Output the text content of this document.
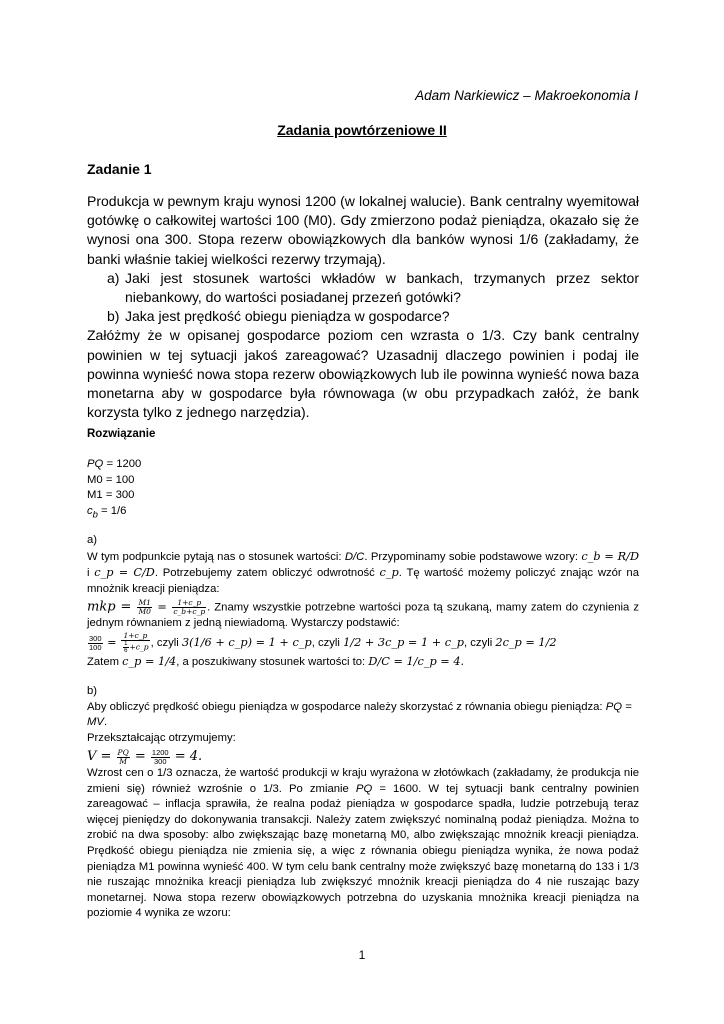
Adam Narkiewicz – Makroekonomia I
Zadania powtórzeniowe II
Zadanie 1

Produkcja w pewnym kraju wynosi 1200 (w lokalnej walucie). Bank centralny wyemitował gotówkę o całkowitej wartości 100 (M0). Gdy zmierzono podaż pieniądza, okazało się że wynosi ona 300. Stopa rezerw obowiązkowych dla banków wynosi 1/6 (zakładamy, że banki właśnie takiej wielkości rezerwy trzymają).

a) Jaki jest stosunek wartości wkładów w bankach, trzymanych przez sektor niebankowy, do wartości posiadanej przezeń gotówki?
b) Jaka jest prędkość obiegu pieniądza w gospodarce?

Załóżmy że w opisanej gospodarce poziom cen wzrasta o 1/3. Czy bank centralny powinien w tej sytuacji jakoś zareagować? Uzasadnij dlaczego powinien i podaj ile powinna wynieść nowa stopa rezerw obowiązkowych lub ile powinna wynieść nowa baza monetarna aby w gospodarce była równowaga (w obu przypadkach załóż, że bank korzysta tylko z jednego narzędzia).

Rozwiązanie

PQ = 1200

M0 = 100

M1 = 300

$c_b = 1/6$

a)

W tym podpunkcie pytają nas o stosunek wartości: D/C. Przypominamy sobie podstawowe wzory: c_b = R/D i c_p = C/D. Potrzebujemy zatem obliczyć odwrotność c_p. Tę wartość możemy policzyć znając wzór na mnożnik kreacji pieniądza:

mkp = $\frac{M1}{M0} = \frac{1+c\_p}{c\_b+c\_p}$ . Znamy wszystkie potrzebne wartości poza tą szukaną, mamy zatem do czynienia z jednym równaniem z jedną niewiadomą. Wystarczy podstawić:

$\frac{300}{100} = \frac{1+c\_p}{\frac{1}{6} +c\_p}$ , czyli 3(1/6 + c_p) = 1 + c_p, czyli 1/2 + 3c_p = 1 + c_p, czyli 2c_p = 1/2

Zatem c_p = 1/4, a poszukiwany stosunek wartości to: D/C = 1/c_p = 4.

b)

Aby obliczyć prędkość obiegu pieniądza w gospodarce należy skorzystać z równania obiegu pieniądza: PQ = MV.

Przekształcając otrzymujemy:

$V = \frac{PQ}{M} = \frac{1200}{300} = 4$.

Wzrost cen o 1/3 oznacza, że wartość produkcji w kraju wyrażona w złotówkach (zakładamy, że produkcja nie zmieni się) również wzrośnie o 1/3. Po zmianie PQ = 1600. W tej sytuacji bank centralny powinien zareagować – inflacja sprawiła, że realna podaż pieniądza w gospodarce spadła, ludzie potrzebują teraz więcej pieniędzy do dokonywania transakcji. Należy zatem zwiększyć nominalną podaż pieniądza. Można to zrobić na dwa sposoby: albo zwiększając bazę monetarną M0, albo zwiększając mnożnik kreacji pieniądza. Prędkość obiegu pieniądza nie zmienia się, a więc z równania obiegu pieniądza wynika, że nowa podaż pieniądza M1 powinna wynieść 400. W tym celu bank centralny może zwiększyć bazę monetarną do 133 i 1/3 nie ruszając mnożnika kreacji pieniądza lub zwiększyć mnożnik kreacji pieniądza do 4 nie ruszając bazy monetarnej. Nowa stopa rezerw obowiązkowych potrzebna do uzyskania mnożnika kreacji pieniądza na poziomie 4 wynika ze wzoru:

1
